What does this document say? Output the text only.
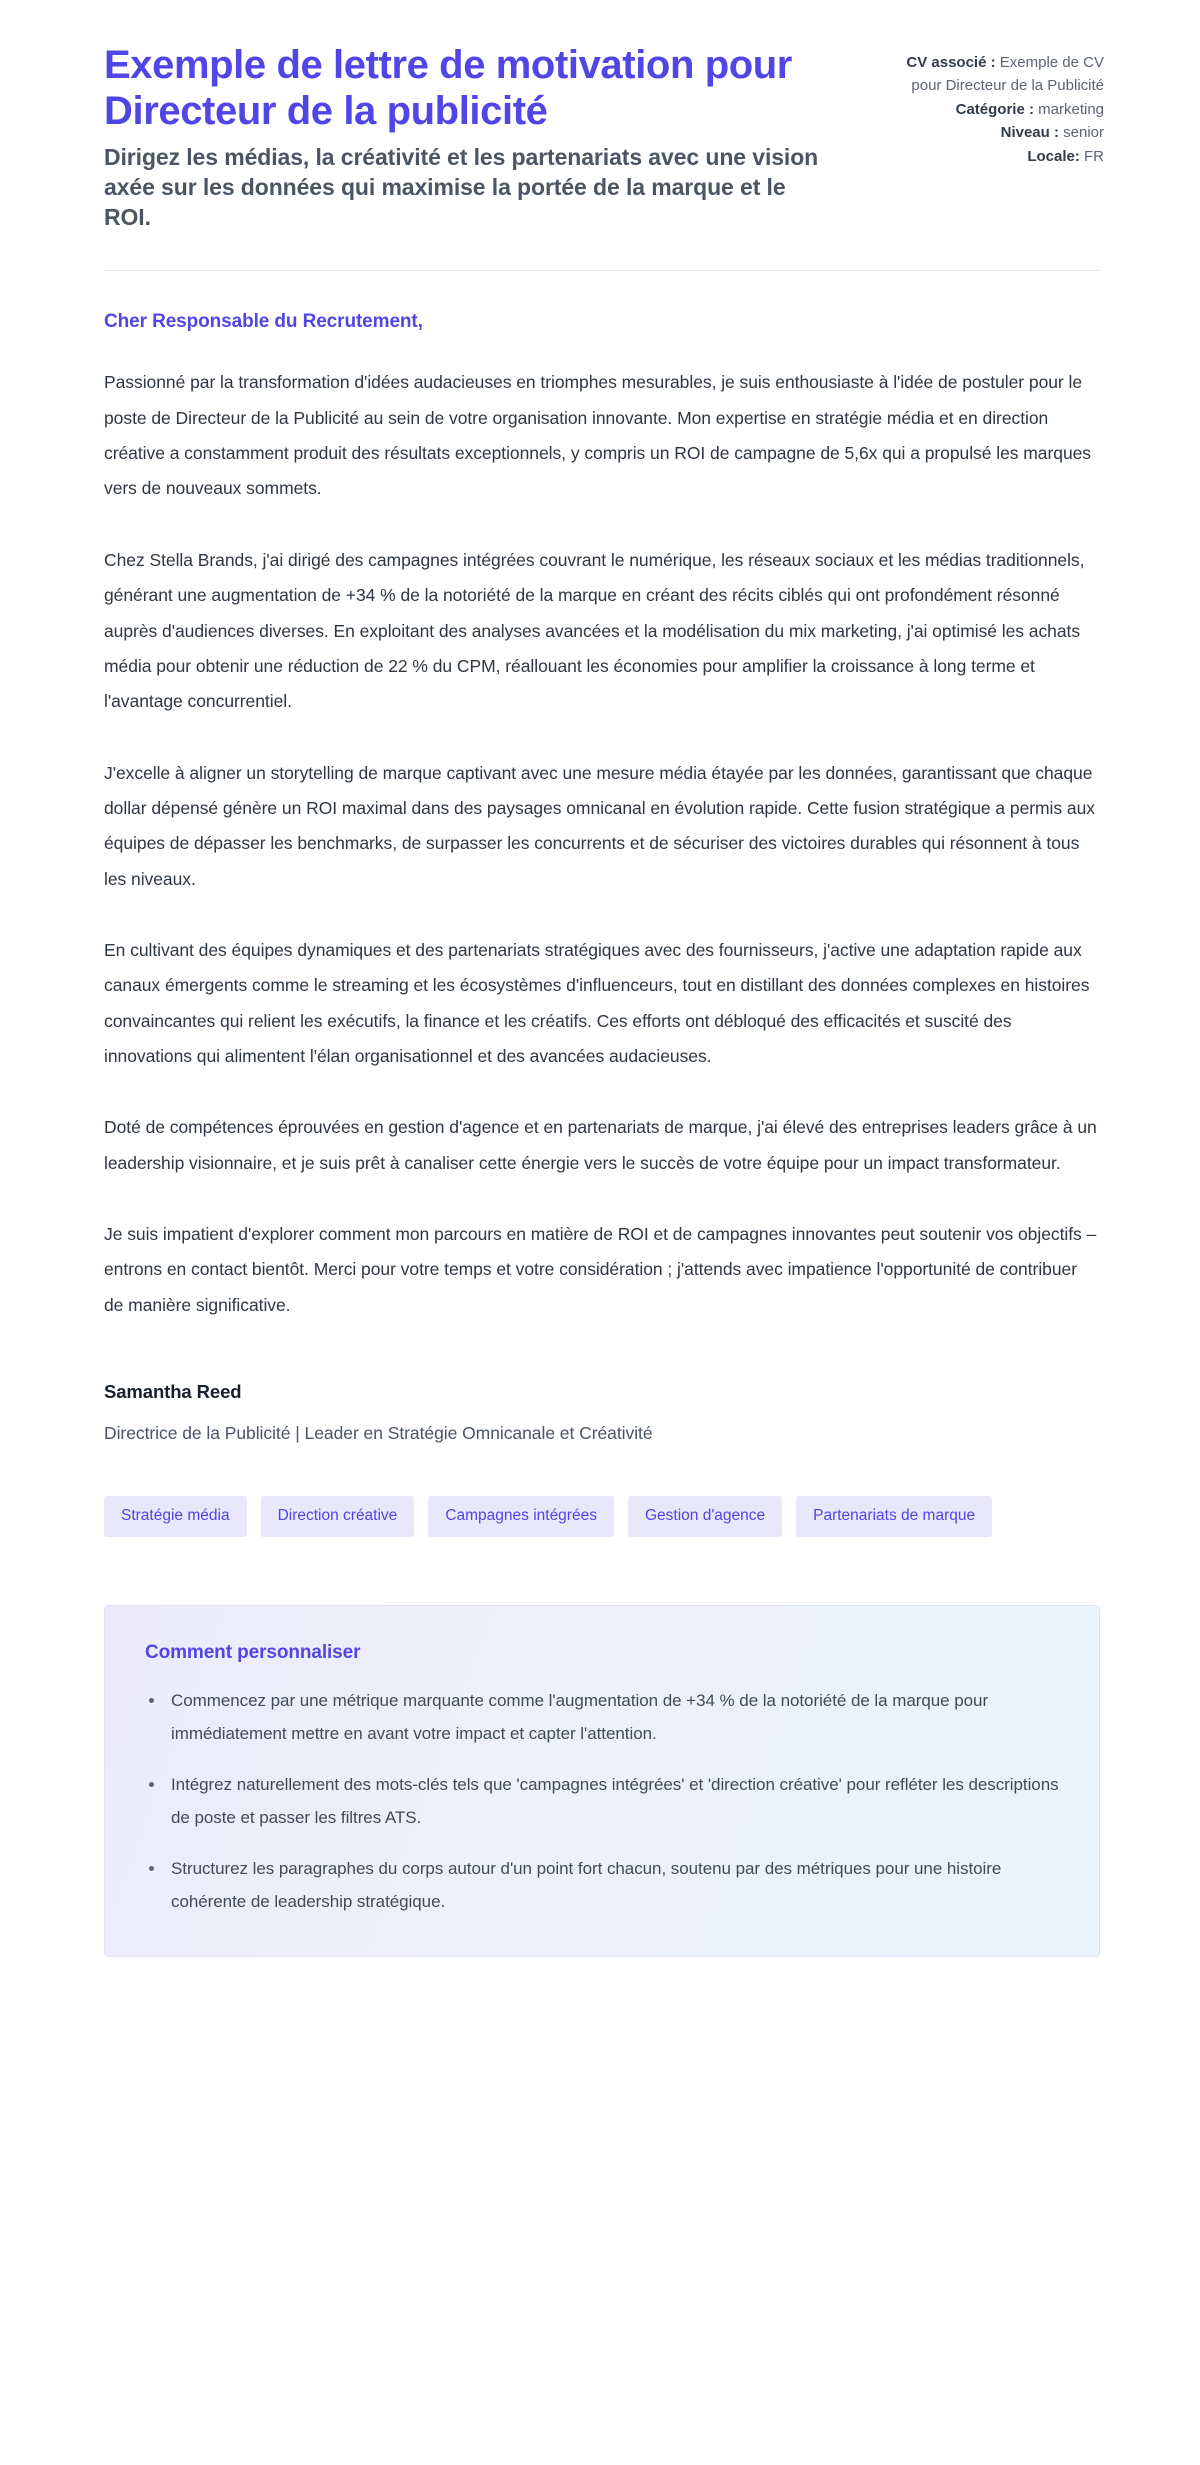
Exemple de lettre de motivation pour Directeur de la publicité

Dirigez les médias, la créativité et les partenariats avec une vision axée sur les données qui maximise la portée de la marque et le ROI.

CV associé : Exemple de CV pour Directeur de la Publicité
Catégorie : marketing
Niveau : senior
Locale: FR

Cher Responsable du Recrutement,

Passionné par la transformation d'idées audacieuses en triomphes mesurables, je suis enthousiaste à l'idée de postuler pour le poste de Directeur de la Publicité au sein de votre organisation innovante. Mon expertise en stratégie média et en direction créative a constamment produit des résultats exceptionnels, y compris un ROI de campagne de 5,6x qui a propulsé les marques vers de nouveaux sommets.

Chez Stella Brands, j'ai dirigé des campagnes intégrées couvrant le numérique, les réseaux sociaux et les médias traditionnels, générant une augmentation de +34 % de la notoriété de la marque en créant des récits ciblés qui ont profondément résonné auprès d'audiences diverses. En exploitant des analyses avancées et la modélisation du mix marketing, j'ai optimisé les achats média pour obtenir une réduction de 22 % du CPM, réallouant les économies pour amplifier la croissance à long terme et l'avantage concurrentiel.

J'excelle à aligner un storytelling de marque captivant avec une mesure média étayée par les données, garantissant que chaque dollar dépensé génère un ROI maximal dans des paysages omnicanal en évolution rapide. Cette fusion stratégique a permis aux équipes de dépasser les benchmarks, de surpasser les concurrents et de sécuriser des victoires durables qui résonnent à tous les niveaux.

En cultivant des équipes dynamiques et des partenariats stratégiques avec des fournisseurs, j'active une adaptation rapide aux canaux émergents comme le streaming et les écosystèmes d'influenceurs, tout en distillant des données complexes en histoires convaincantes qui relient les exécutifs, la finance et les créatifs. Ces efforts ont débloqué des efficacités et suscité des innovations qui alimentent l'élan organisationnel et des avancées audacieuses.

Doté de compétences éprouvées en gestion d'agence et en partenariats de marque, j'ai élevé des entreprises leaders grâce à un leadership visionnaire, et je suis prêt à canaliser cette énergie vers le succès de votre équipe pour un impact transformateur.

Je suis impatient d'explorer comment mon parcours en matière de ROI et de campagnes innovantes peut soutenir vos objectifs – entrons en contact bientôt. Merci pour votre temps et votre considération ; j'attends avec impatience l'opportunité de contribuer de manière significative.

Samantha Reed

Directrice de la Publicité | Leader en Stratégie Omnicanale et Créativité

Stratégie média	Direction créative	Campagnes intégrées	Gestion d'agence	Partenariats de marque
Comment personnaliser
Commencez par une métrique marquante comme l'augmentation de +34 % de la notoriété de la marque pour immédiatement mettre en avant votre impact et capter l'attention.
Intégrez naturellement des mots-clés tels que 'campagnes intégrées' et 'direction créative' pour refléter les descriptions de poste et passer les filtres ATS.
Structurez les paragraphes du corps autour d'un point fort chacun, soutenu par des métriques pour une histoire cohérente de leadership stratégique.
